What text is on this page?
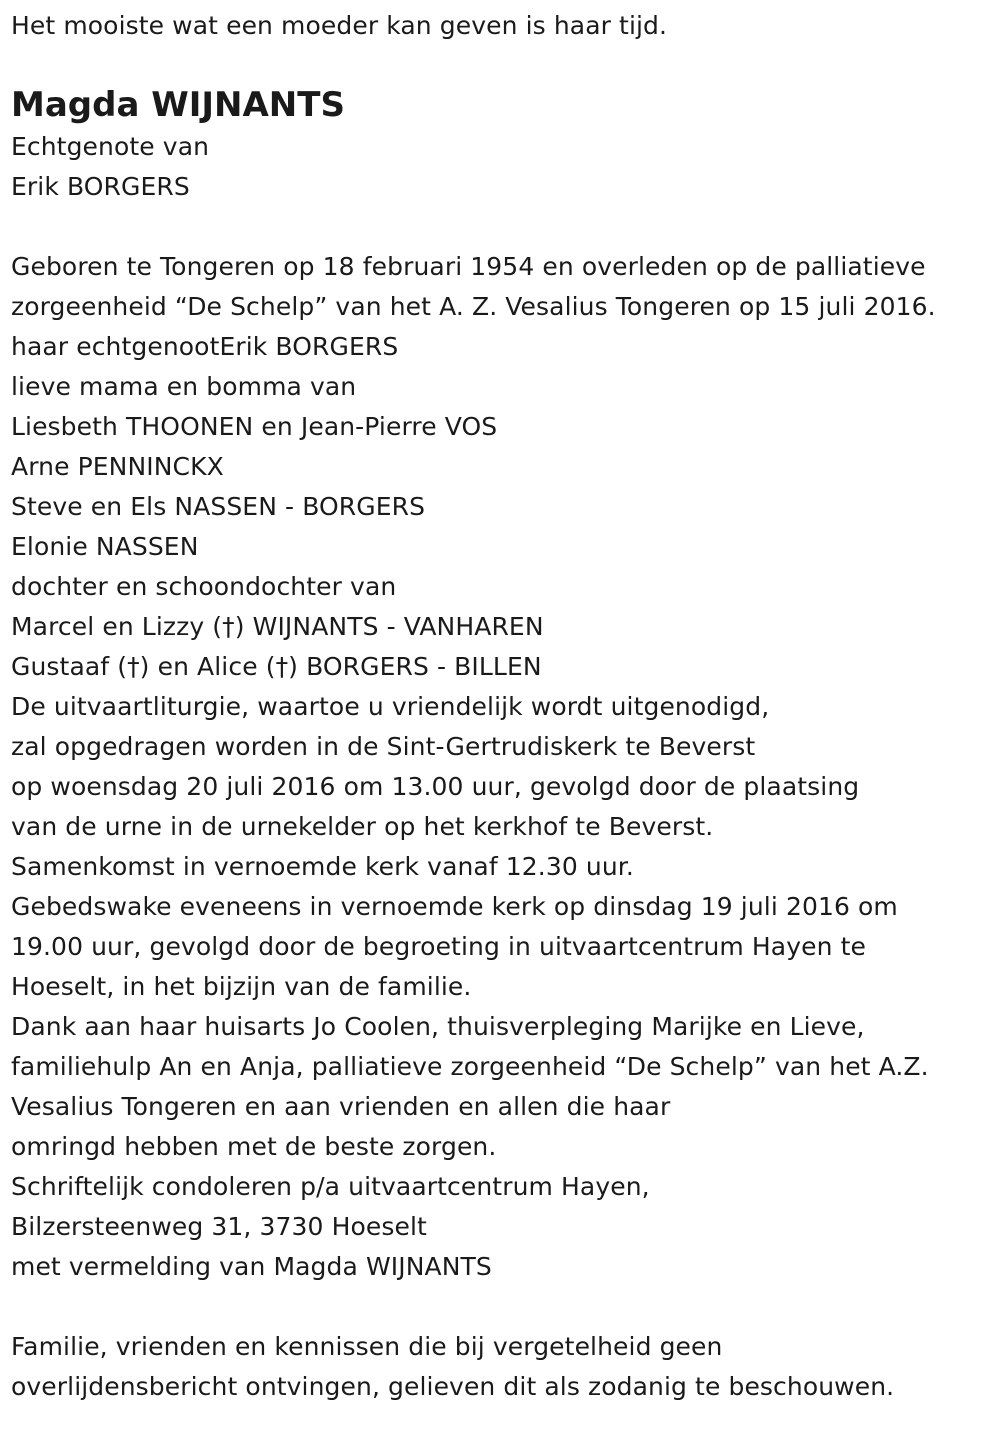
Het mooiste wat een moeder kan geven is haar tijd.
Magda WIJNANTS
Echtgenote van
Erik BORGERS
Geboren te Tongeren op 18 februari 1954 en overleden op de palliatieve
zorgeenheid “De Schelp” van het A. Z. Vesalius Tongeren op 15 juli 2016.
haar echtgenootErik BORGERS
lieve mama en bomma van
Liesbeth THOONEN en Jean-Pierre VOS
Arne PENNINCKX
Steve en Els NASSEN - BORGERS
Elonie NASSEN
dochter en schoondochter van
Marcel en Lizzy (†) WIJNANTS - VANHAREN
Gustaaf (†) en Alice (†) BORGERS - BILLEN
De uitvaartliturgie, waartoe u vriendelijk wordt uitgenodigd,
zal opgedragen worden in de Sint-Gertrudiskerk te Beverst
op woensdag 20 juli 2016 om 13.00 uur, gevolgd door de plaatsing
van de urne in de urnekelder op het kerkhof te Beverst.
Samenkomst in vernoemde kerk vanaf 12.30 uur.
Gebedswake eveneens in vernoemde kerk op dinsdag 19 juli 2016 om
19.00 uur, gevolgd door de begroeting in uitvaartcentrum Hayen te
Hoeselt, in het bijzijn van de familie.
Dank aan haar huisarts Jo Coolen, thuisverpleging Marijke en Lieve,
familiehulp An en Anja, palliatieve zorgeenheid “De Schelp” van het A.Z.
Vesalius Tongeren en aan vrienden en allen die haar
omringd hebben met de beste zorgen.
Schriftelijk condoleren p/a uitvaartcentrum Hayen,
Bilzersteenweg 31, 3730 Hoeselt
met vermelding van Magda WIJNANTS
Familie, vrienden en kennissen die bij vergetelheid geen
overlijdensbericht ontvingen, gelieven dit als zodanig te beschouwen.
